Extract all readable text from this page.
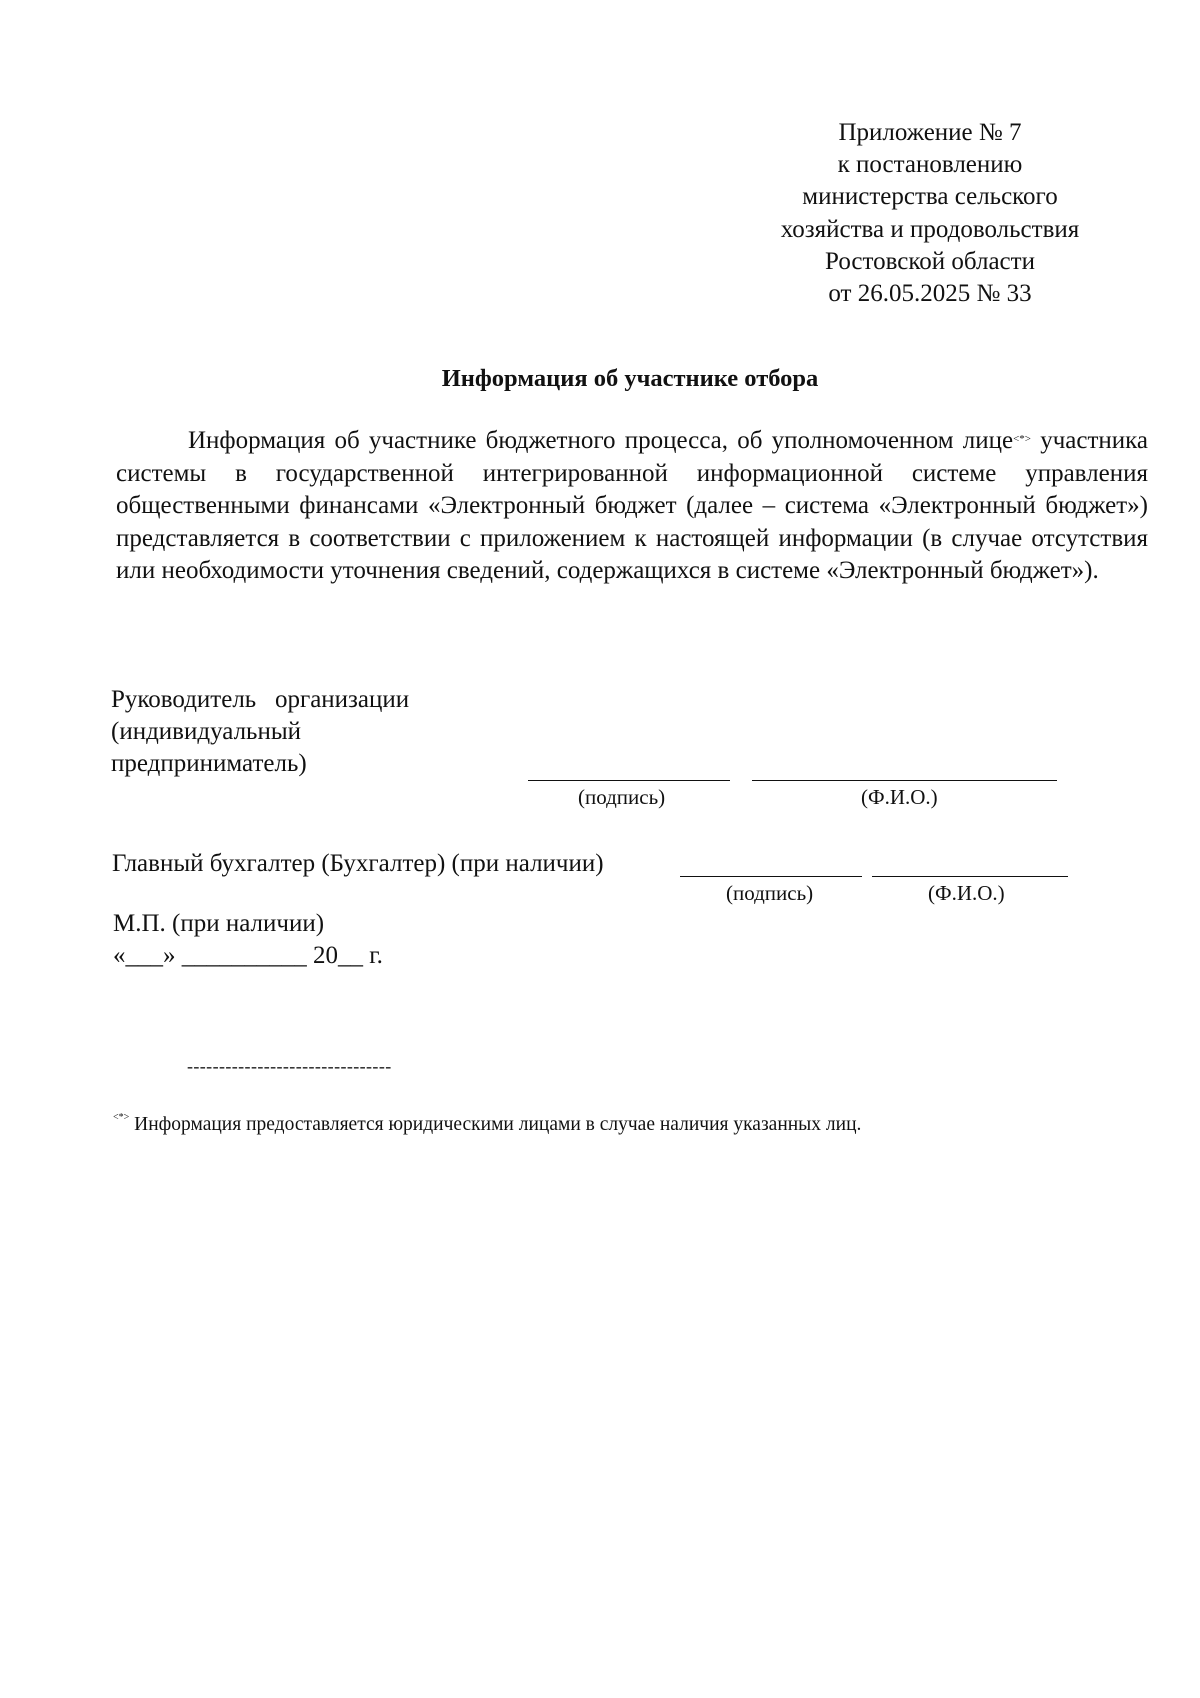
Приложение № 7
к постановлению
министерства сельского
хозяйства и продовольствия
Ростовской области
от 26.05.2025 № 33
Информация об участнике отбора
Информация об участнике бюджетного процесса, об уполномоченном лице<*> участника системы в государственной интегрированной информационной системе управления общественными финансами «Электронный бюджет (далее – система «Электронный бюджет») представляется в соответствии с приложением к настоящей информации (в случае отсутствия или необходимости уточнения сведений, содержащихся в системе «Электронный бюджет»).
Руководитель   организации
(индивидуальный
предприниматель)
(подпись)	(Ф.И.О.)
Главный бухгалтер (Бухгалтер) (при наличии)
(подпись)	(Ф.И.О.)
М.П. (при наличии)
«___» __________ 20__ г.
--------------------------------
<*> Информация предоставляется юридическими лицами в случае наличия указанных лиц.
